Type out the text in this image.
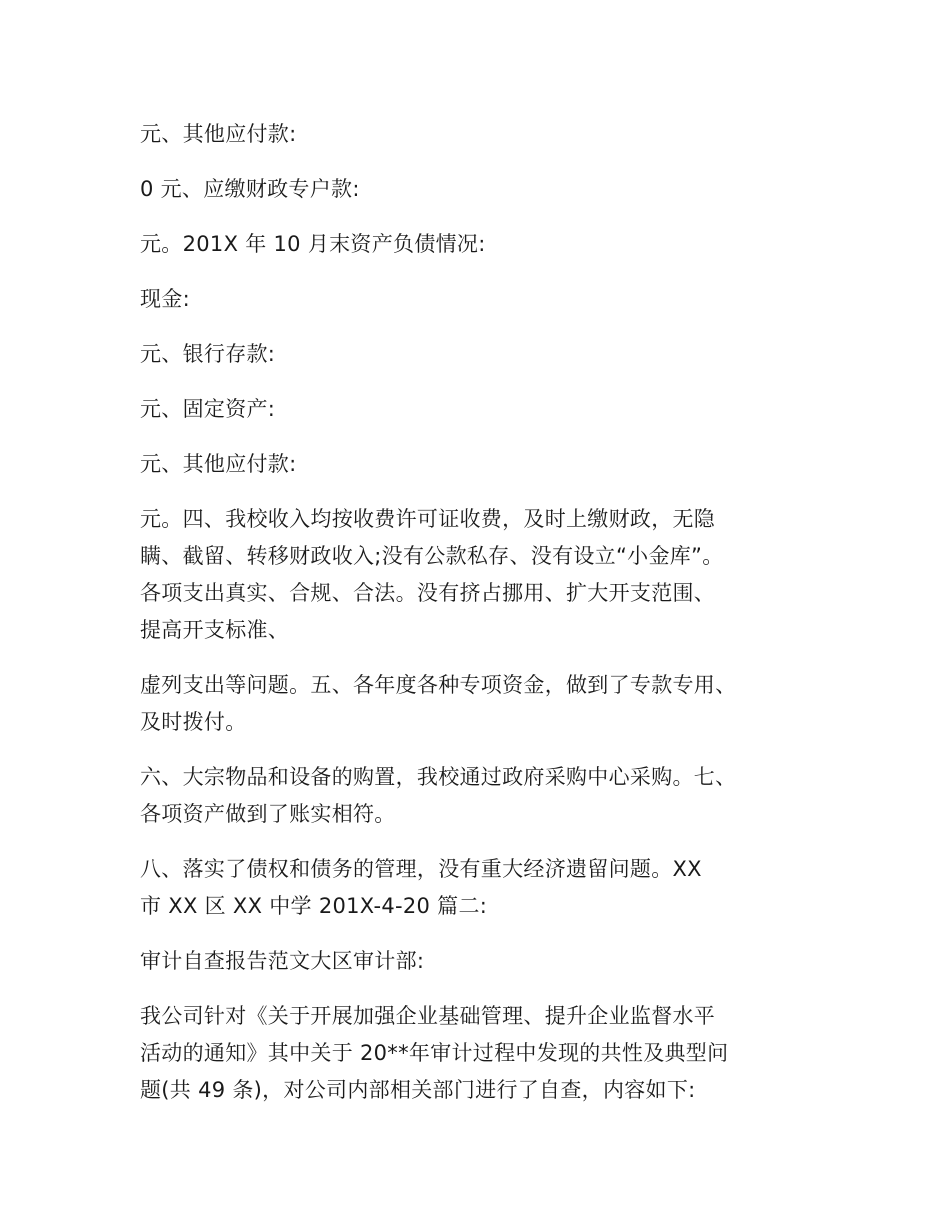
元、其他应付款:

0 元、应缴财政专户款:

元。201X 年 10 月末资产负债情况:

现金:

元、银行存款:

元、固定资产:

元、其他应付款:

元。四、我校收入均按收费许可证收费，及时上缴财政，无隐
瞒、截留、转移财政收入;没有公款私存、没有设立“小金库”。
各项支出真实、合规、合法。没有挤占挪用、扩大开支范围、
提高开支标准、

虚列支出等问题。五、各年度各种专项资金，做到了专款专用、
及时拨付。

六、大宗物品和设备的购置，我校通过政府采购中心采购。七、
各项资产做到了账实相符。

八、落实了债权和债务的管理，没有重大经济遗留问题。XX
市 XX 区 XX 中学 201X-4-20 篇二:

审计自查报告范文大区审计部:

我公司针对《关于开展加强企业基础管理、提升企业监督水平
活动的通知》其中关于 20**年审计过程中发现的共性及典型问
题(共 49 条)，对公司内部相关部门进行了自查，内容如下:
